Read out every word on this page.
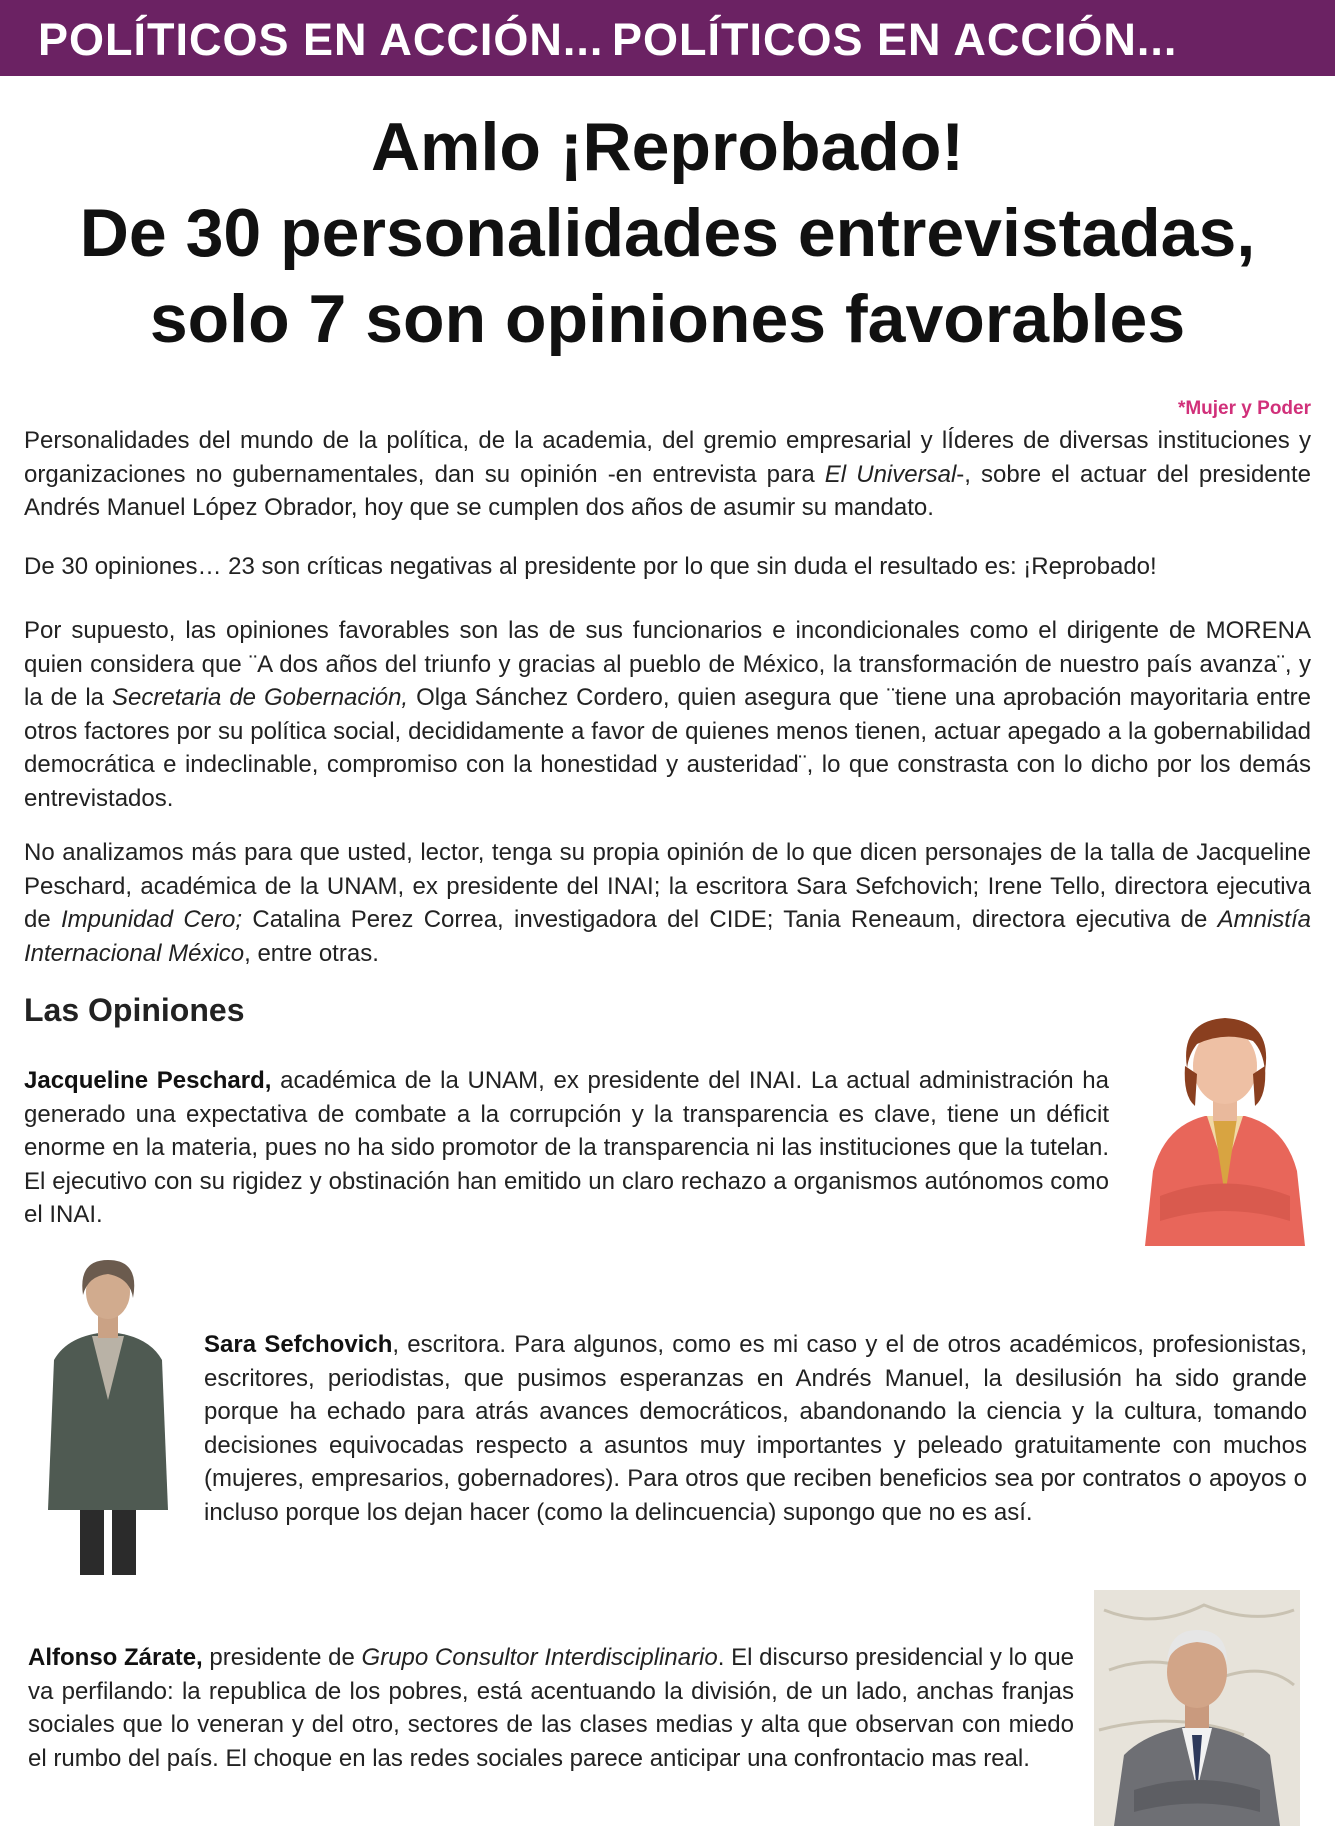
POLÍTICOS EN ACCIÓN... POLÍTICOS EN ACCIÓN...
Amlo ¡Reprobado!
De 30 personalidades entrevistadas,
solo 7 son opiniones favorables
*Mujer y Poder

Personalidades del mundo de la política, de la academia, del gremio empresarial y lÍderes de diversas instituciones y organizaciones no gubernamentales, dan su opinión -en entrevista para El Universal-, sobre el actuar del presidente Andrés Manuel López Obrador, hoy que se cumplen dos años de asumir su mandato.

De 30 opiniones… 23 son críticas negativas al presidente por lo que sin duda el resultado es: ¡Reprobado!

Por supuesto, las opiniones favorables son las de sus funcionarios e incondicionales como el dirigente de MORENA quien considera que ¨A dos años del triunfo y gracias al pueblo de México, la transformación de nuestro país avanza¨, y la de la Secretaria de Gobernación, Olga Sánchez Cordero, quien asegura que ¨tiene una aprobación mayoritaria entre otros factores por su política social, decididamente a favor de quienes menos tienen, actuar apegado a la gobernabilidad democrática e indeclinable, compromiso con la honestidad y austeridad¨, lo que constrasta con lo dicho por los demás entrevistados.

No analizamos más para que usted, lector, tenga su propia opinión de lo que dicen personajes de la talla de Jacqueline Peschard, académica de la UNAM, ex presidente del INAI; la escritora Sara Sefchovich; Irene Tello, directora ejecutiva de Impunidad Cero; Catalina Perez Correa, investigadora del CIDE; Tania Reneaum, directora ejecutiva de Amnistía Internacional México, entre otras.

Las Opiniones

Jacqueline Peschard, académica de la UNAM, ex presidente del INAI. La actual administración ha generado una expectativa de combate a la corrupción y la transparencia es clave, tiene un déficit enorme en la materia, pues no ha sido promotor de la transparencia ni las instituciones que la tutelan. El ejecutivo con su rigidez y obstinación han emitido un claro rechazo a organismos autónomos como el INAI.

Sara Sefchovich, escritora. Para algunos, como es mi caso y el de otros académicos, profesionistas, escritores, periodistas, que pusimos esperanzas en Andrés Manuel, la desilusión ha sido grande porque ha echado para atrás avances democráticos, abandonando la ciencia y la cultura, tomando decisiones equivocadas respecto a asuntos muy importantes y peleado gratuitamente con muchos (mujeres, empresarios, gobernadores). Para otros que reciben beneficios sea por contratos o apoyos o incluso porque los dejan hacer (como la delincuencia) supongo que no es así.

Alfonso Zárate, presidente de Grupo Consultor Interdisciplinario. El discurso presidencial y lo que va perfilando: la republica de los pobres, está acentuando la división, de un lado, anchas franjas sociales que lo veneran y del otro, sectores de las clases medias y alta que observan con miedo el rumbo del país. El choque en las redes sociales parece anticipar una confrontacio mas real.
